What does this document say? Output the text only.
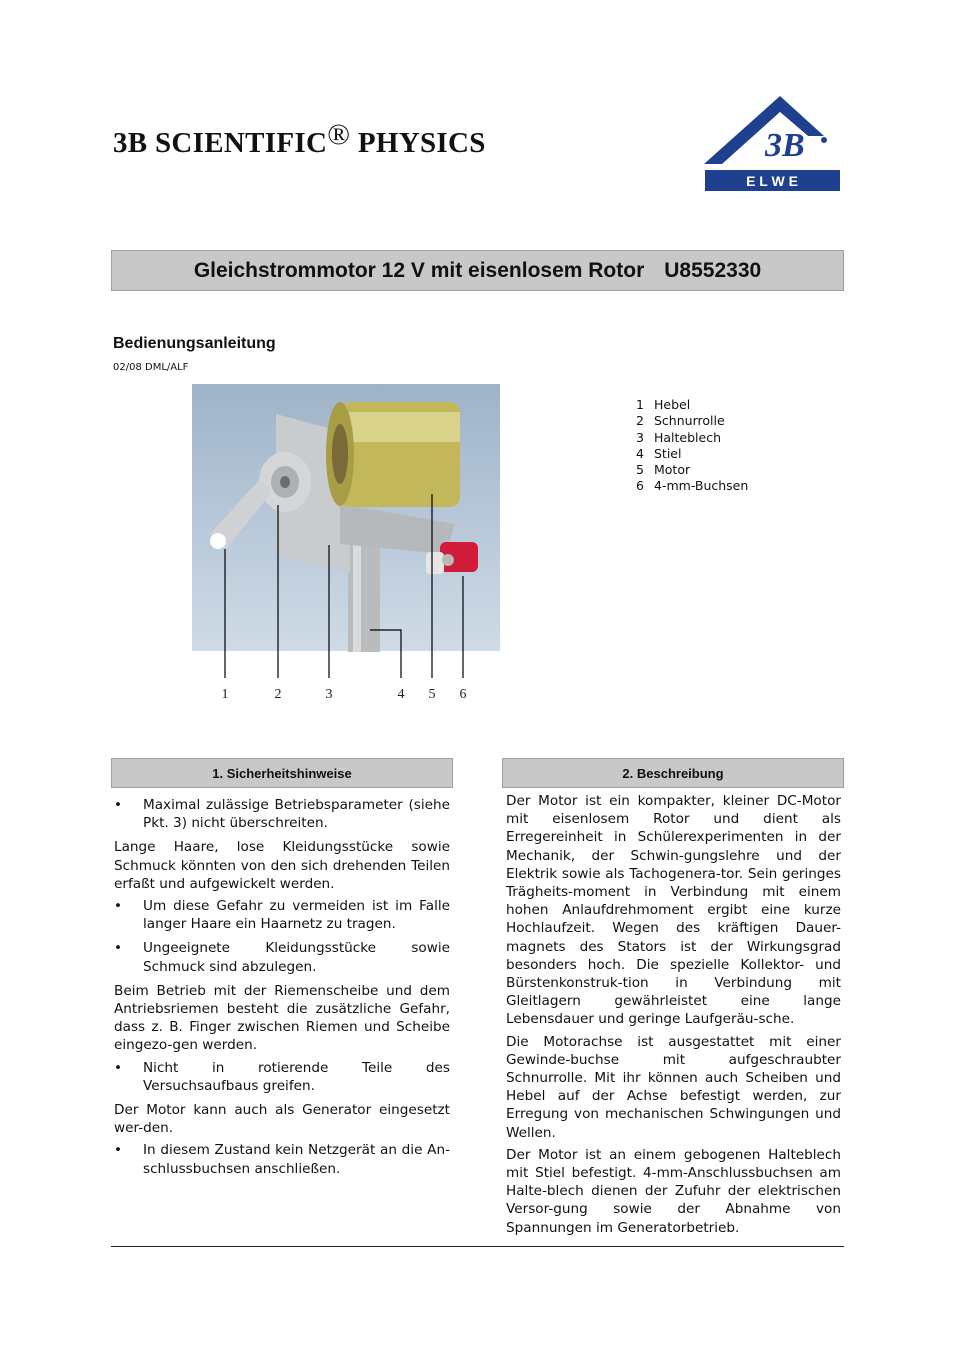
3B SCIENTIFIC® PHYSICS	3B
E L W E
Gleichstrommotor 12 V mit eisenlosem Rotor U8552330
Bedienungsanleitung
02/08 DML/ALF
1	2	3	4 5 6
1 Hebel
2 Schnurrolle
3 Halteblech
4 Stiel
5 Motor
6 4-mm-Buchsen
1. Sicherheitshinweise
•	Maximal zulässige Betriebsparameter (siehe Pkt. 3) nicht überschreiten.

Lange Haare, lose Kleidungsstücke sowie Schmuck könnten von den sich drehenden Teilen erfaßt und aufgewickelt werden.

•	Um diese Gefahr zu vermeiden ist im Falle langer Haare ein Haarnetz zu tragen.
•	Ungeeignete Kleidungsstücke sowie Schmuck sind abzulegen.

Beim Betrieb mit der Riemenscheibe und dem Antriebsriemen besteht die zusätzliche Gefahr, dass z. B. Finger zwischen Riemen und Scheibe eingezo-gen werden.

•	Nicht in rotierende Teile des Versuchsaufbaus greifen.

Der Motor kann auch als Generator eingesetzt wer-den.

•	In diesem Zustand kein Netzgerät an die An-schlussbuchsen anschließen.
2. Beschreibung

Der Motor ist ein kompakter, kleiner DC-Motor mit eisenlosem Rotor und dient als Erregereinheit in Schülerexperimenten in der Mechanik, der Schwin-gungslehre und der Elektrik sowie als Tachogenera-tor. Sein geringes Trägheits-moment in Verbindung mit einem hohen Anlaufdrehmoment ergibt eine kurze Hochlaufzeit. Wegen des kräftigen Dauer-magnets des Stators ist der Wirkungsgrad besonders hoch. Die spezielle Kollektor- und Bürstenkonstruk-tion in Verbindung mit Gleitlagern gewährleistet eine lange Lebensdauer und geringe Laufgeräu-sche.

Die Motorachse ist ausgestattet mit einer Gewinde-buchse mit aufgeschraubter Schnurrolle. Mit ihr können auch Scheiben und Hebel auf der Achse befestigt werden, zur Erregung von mechanischen Schwingungen und Wellen.

Der Motor ist an einem gebogenen Halteblech mit Stiel befestigt. 4-mm-Anschlussbuchsen am Halte-blech dienen der Zufuhr der elektrischen Versor-gung sowie der Abnahme von Spannungen im Generatorbetrieb.
